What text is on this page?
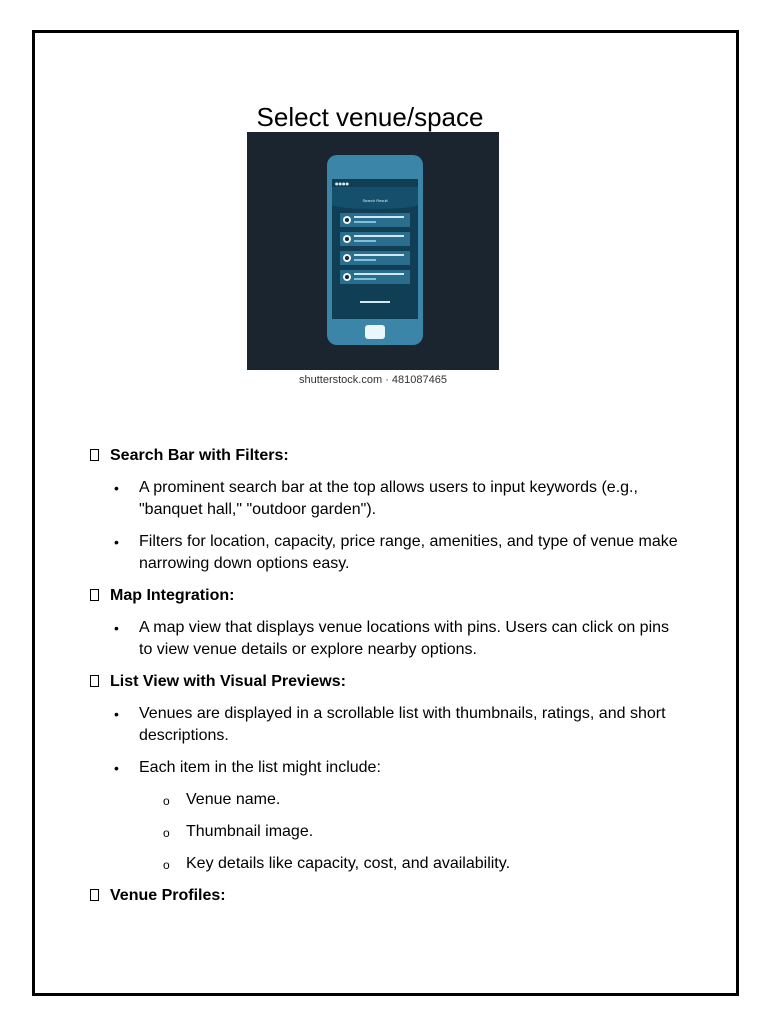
Select venue/space
●●●●
Search Result
shutterstock.com · 481087465
Search Bar with Filters:
• A prominent search bar at the top allows users to input keywords (e.g., "banquet hall," "outdoor garden").
• Filters for location, capacity, price range, amenities, and type of venue make narrowing down options easy.
Map Integration:
• A map view that displays venue locations with pins. Users can click on pins to view venue details or explore nearby options.
List View with Visual Previews:
• Venues are displayed in a scrollable list with thumbnails, ratings, and short descriptions.
• Each item in the list might include:
o Venue name.
o Thumbnail image.
o Key details like capacity, cost, and availability.
Venue Profiles:
